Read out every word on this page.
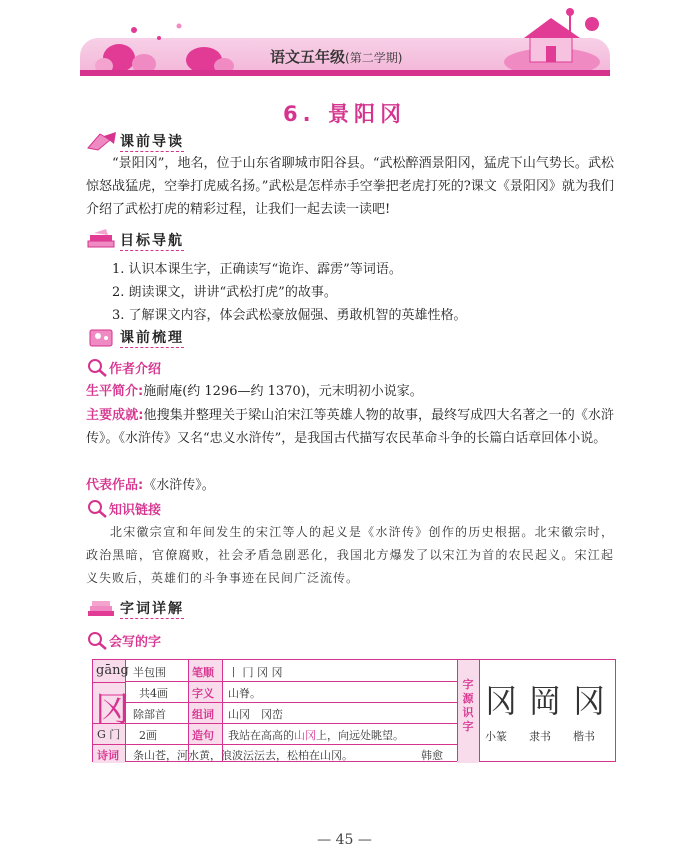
语文五年级(第二学期)
6. 景阳冈
课前导读
“景阳冈”，地名，位于山东省聊城市阳谷县。“武松醉酒景阳冈，猛虎下山气势长。武松惊怒战猛虎，空拳打虎威名扬。”武松是怎样赤手空拳把老虎打死的?课文《景阳冈》就为我们介绍了武松打虎的精彩过程，让我们一起去读一读吧!
目标导航
1. 认识本课生字，正确读写“诡诈、霹雳”等词语。
2. 朗读课文，讲讲“武松打虎”的故事。
3. 了解课文内容，体会武松豪放倔强、勇敢机智的英雄性格。
课前梳理
作者介绍
生平简介:施耐庵(约 1296—约 1370)，元末明初小说家。
主要成就:他搜集并整理关于梁山泊宋江等英雄人物的故事，最终写成四大名著之一的《水浒传》。《水浒传》又名“忠义水浒传”，是我国古代描写农民革命斗争的长篇白话章回体小说。
代表作品:《水浒传》。
知识链接
北宋徽宗宣和年间发生的宋江等人的起义是《水浒传》创作的历史根据。北宋徽宗时，政治黑暗，官僚腐败，社会矛盾急剧恶化，我国北方爆发了以宋江为首的农民起义。宋江起义失败后，英雄们的斗争事迹在民间广泛流传。
字词详解
会写的字
gāng
冈
G 门
半包围
共4画
除部首
2画
笔顺
字义
组词
造句
诗词
丨 冂 冈 冈
山脊。
山冈　冈峦
我站在高高的山冈上，向远处眺望。
条山苍，河水黄，浪波沄沄去，松柏在山冈。	韩愈
字源识字
冈 岡 冈
小篆 隶书 楷书
— 45 —
